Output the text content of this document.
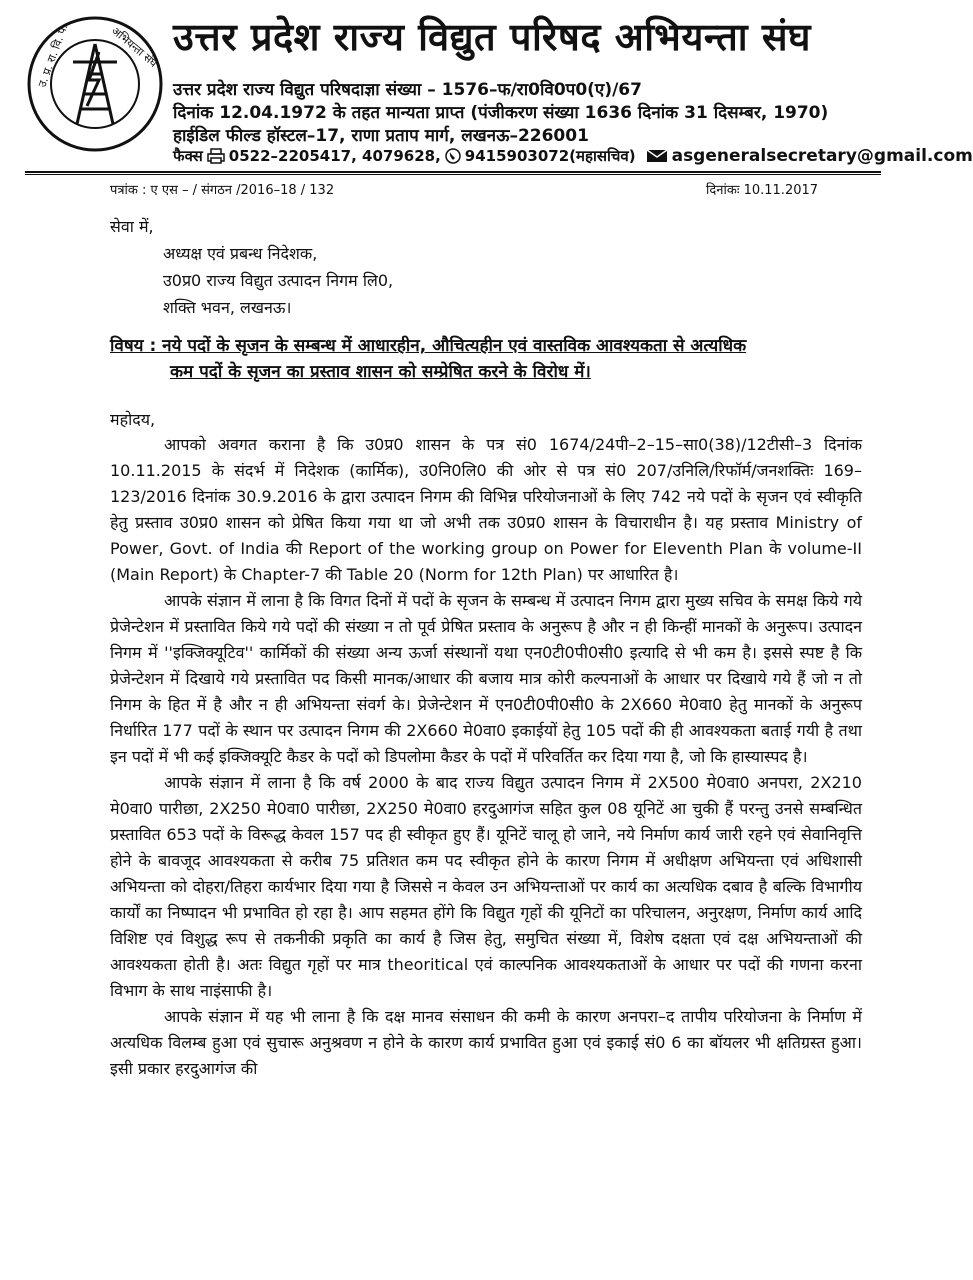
उ. प्र. रा. वि. प.	अभियन्ता संघ उत्तर प्रदेश राज्य विद्युत परिषद अभियन्ता संघ
उत्तर प्रदेश राज्य विद्युत परिषदाज्ञा संख्या – 1576–फ/रा0वि0प0(ए)/67
दिनांक 12.04.1972 के तहत मान्यता प्राप्त (पंजीकरण संख्या 1636 दिनांक 31 दिसम्बर, 1970)
हाईडिल फील्ड हॉस्टल–17, राणा प्रताप मार्ग, लखनऊ–226001
फैक्स 0522–2205417, 4079628, 9415903072(महासचिव) asgeneralsecretary@gmail.com
पत्रांक : ए एस – / संगठन /2016–18 / 132	दिनांकः 10.11.2017
सेवा में,
अध्यक्ष एवं प्रबन्ध निदेशक,
उ0प्र0 राज्य विद्युत उत्पादन निगम लि0,
शक्ति भवन, लखनऊ।
विषय : नये पदों के सृजन के सम्बन्ध में आधारहीन, औचित्यहीन एवं वास्तविक आवश्यकता से अत्यधिक
कम पदों के सृजन का प्रस्ताव शासन को सम्प्रेषित करने के विरोध में।
महोदय,

आपको अवगत कराना है कि उ0प्र0 शासन के पत्र सं0 1674/24पी–2–15–सा0(38)/12टीसी–3 दिनांक 10.11.2015 के संदर्भ में निदेशक (कार्मिक), उ0नि0लि0 की ओर से पत्र सं0 207/उनिलि/रिफॉर्म/जनशक्तिः 169–123/2016 दिनांक 30.9.2016 के द्वारा उत्पादन निगम की विभिन्न परियोजनाओं के लिए 742 नये पदों के सृजन एवं स्वीकृति हेतु प्रस्ताव उ0प्र0 शासन को प्रेषित किया गया था जो अभी तक उ0प्र0 शासन के विचाराधीन है। यह प्रस्ताव Ministry of Power, Govt. of India की Report of the working group on Power for Eleventh Plan के volume-II (Main Report) के Chapter-7 की Table 20 (Norm for 12th Plan) पर आधारित है।

आपके संज्ञान में लाना है कि विगत दिनों में पदों के सृजन के सम्बन्ध में उत्पादन निगम द्वारा मुख्य सचिव के समक्ष किये गये प्रेजेन्टेशन में प्रस्तावित किये गये पदों की संख्या न तो पूर्व प्रेषित प्रस्ताव के अनुरूप है और न ही किन्हीं मानकों के अनुरूप। उत्पादन निगम में ''इक्जिक्यूटिव'' कार्मिकों की संख्या अन्य ऊर्जा संस्थानों यथा एन0टी0पी0सी0 इत्यादि से भी कम है। इससे स्पष्ट है कि प्रेजेन्टेशन में दिखाये गये प्रस्तावित पद किसी मानक/आधार की बजाय मात्र कोरी कल्पनाओं के आधार पर दिखाये गये हैं जो न तो निगम के हित में है और न ही अभियन्ता संवर्ग के। प्रेजेन्टेशन में एन0टी0पी0सी0 के 2X660 मे0वा0 हेतु मानकों के अनुरूप निर्धारित 177 पदों के स्थान पर उत्पादन निगम की 2X660 मे0वा0 इकाईयों हेतु 105 पदों की ही आवश्यकता बताई गयी है तथा इन पदों में भी कई इक्जिक्यूटि कैडर के पदों को डिपलोमा कैडर के पदों में परिवर्तित कर दिया गया है, जो कि हास्यास्पद है।

आपके संज्ञान में लाना है कि वर्ष 2000 के बाद राज्य विद्युत उत्पादन निगम में 2X500 मे0वा0 अनपरा, 2X210 मे0वा0 पारीछा, 2X250 मे0वा0 पारीछा, 2X250 मे0वा0 हरदुआगंज सहित कुल 08 यूनिटें आ चुकी हैं परन्तु उनसे सम्बन्धित प्रस्तावित 653 पदों के विरूद्ध केवल 157 पद ही स्वीकृत हुए हैं। यूनिटें चालू हो जाने, नये निर्माण कार्य जारी रहने एवं सेवानिवृत्ति होने के बावजूद आवश्यकता से करीब 75 प्रतिशत कम पद स्वीकृत होने के कारण निगम में अधीक्षण अभियन्ता एवं अधिशासी अभियन्ता को दोहरा/तिहरा कार्यभार दिया गया है जिससे न केवल उन अभियन्ताओं पर कार्य का अत्यधिक दबाव है बल्कि विभागीय कार्यों का निष्पादन भी प्रभावित हो रहा है। आप सहमत होंगे कि विद्युत गृहों की यूनिटों का परिचालन, अनुरक्षण, निर्माण कार्य आदि विशिष्ट एवं विशुद्ध रूप से तकनीकी प्रकृति का कार्य है जिस हेतु, समुचित संख्या में, विशेष दक्षता एवं दक्ष अभियन्ताओं की आवश्यकता होती है। अतः विद्युत गृहों पर मात्र theoritical एवं काल्पनिक आवश्यकताओं के आधार पर पदों की गणना करना विभाग के साथ नाइंसाफी है।

आपके संज्ञान में यह भी लाना है कि दक्ष मानव संसाधन की कमी के कारण अनपरा–द तापीय परियोजना के निर्माण में अत्यधिक विलम्ब हुआ एवं सुचारू अनुश्रवण न होने के कारण कार्य प्रभावित हुआ एवं इकाई सं0 6 का बॉयलर भी क्षतिग्रस्त हुआ। इसी प्रकार हरदुआगंज की
